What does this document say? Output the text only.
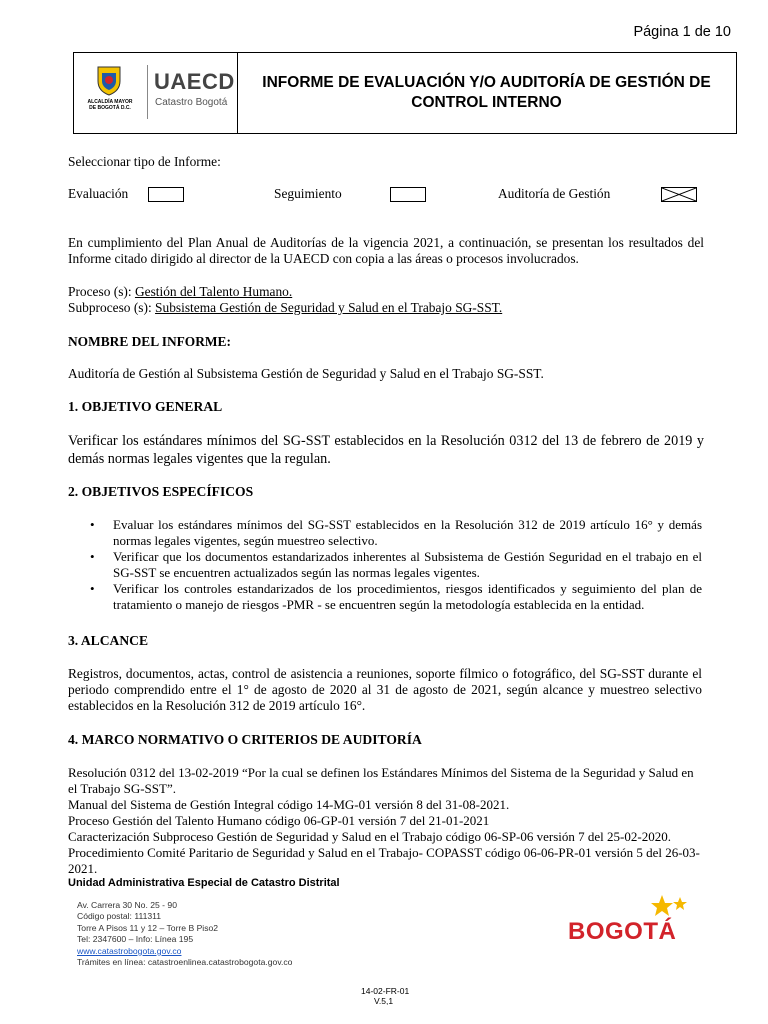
Página 1 de 10
ALCALDÍA MAYOR DE BOGOTÁ D.C.
UAECD
Catastro Bogotá
INFORME DE EVALUACIÓN Y/O AUDITORÍA DE GESTIÓN DE CONTROL INTERNO
Seleccionar tipo de Informe:
Evaluación	Seguimiento	Auditoría de Gestión
En cumplimiento del Plan Anual de Auditorías de la vigencia 2021, a continuación, se presentan los resultados del Informe citado dirigido al director de la UAECD con copia a las áreas o procesos involucrados.
Proceso (s): Gestión del Talento Humano.
Subproceso (s): Subsistema Gestión de Seguridad y Salud en el Trabajo SG-SST.
NOMBRE DEL INFORME:
Auditoría de Gestión al Subsistema Gestión de Seguridad y Salud en el Trabajo SG-SST.
1. OBJETIVO GENERAL
Verificar los estándares mínimos del SG-SST establecidos en la Resolución 0312 del 13 de febrero de 2019 y demás normas legales vigentes que la regulan.
2. OBJETIVOS ESPECÍFICOS
• Evaluar los estándares mínimos del SG-SST establecidos en la Resolución 312 de 2019 artículo 16° y demás normas legales vigentes, según muestreo selectivo.
• Verificar que los documentos estandarizados inherentes al Subsistema de Gestión Seguridad en el trabajo en el SG-SST se encuentren actualizados según las normas legales vigentes.
• Verificar los controles estandarizados de los procedimientos, riesgos identificados y seguimiento del plan de tratamiento o manejo de riesgos -PMR - se encuentren según la metodología establecida en la entidad.
3. ALCANCE
Registros, documentos, actas, control de asistencia a reuniones, soporte fílmico o fotográfico, del SG-SST durante el periodo comprendido entre el 1° de agosto de 2020 al 31 de agosto de 2021, según alcance y muestreo selectivo establecidos en la Resolución 312 de 2019 artículo 16°.
4. MARCO NORMATIVO O CRITERIOS DE AUDITORÍA
Resolución 0312 del 13-02-2019 “Por la cual se definen los Estándares Mínimos del Sistema de la Seguridad y Salud en el Trabajo SG-SST”.
Manual del Sistema de Gestión Integral código 14-MG-01 versión 8 del 31-08-2021.
Proceso Gestión del Talento Humano código 06-GP-01 versión 7 del 21-01-2021
Caracterización Subproceso Gestión de Seguridad y Salud en el Trabajo código 06-SP-06 versión 7 del 25-02-2020.
Procedimiento Comité Paritario de Seguridad y Salud en el Trabajo- COPASST código 06-06-PR-01 versión 5 del 26-03-2021.
Unidad Administrativa Especial de Catastro Distrital
Av. Carrera 30 No. 25 - 90
Código postal: 111311
Torre A Pisos 11 y 12 – Torre B Piso2
Tel: 2347600 – Info: Línea 195
www.catastrobogota.gov.co
Trámites en línea: catastroenlinea.catastrobogota.gov.co
BOGOTÁ
14-02-FR-01
V.5,1
